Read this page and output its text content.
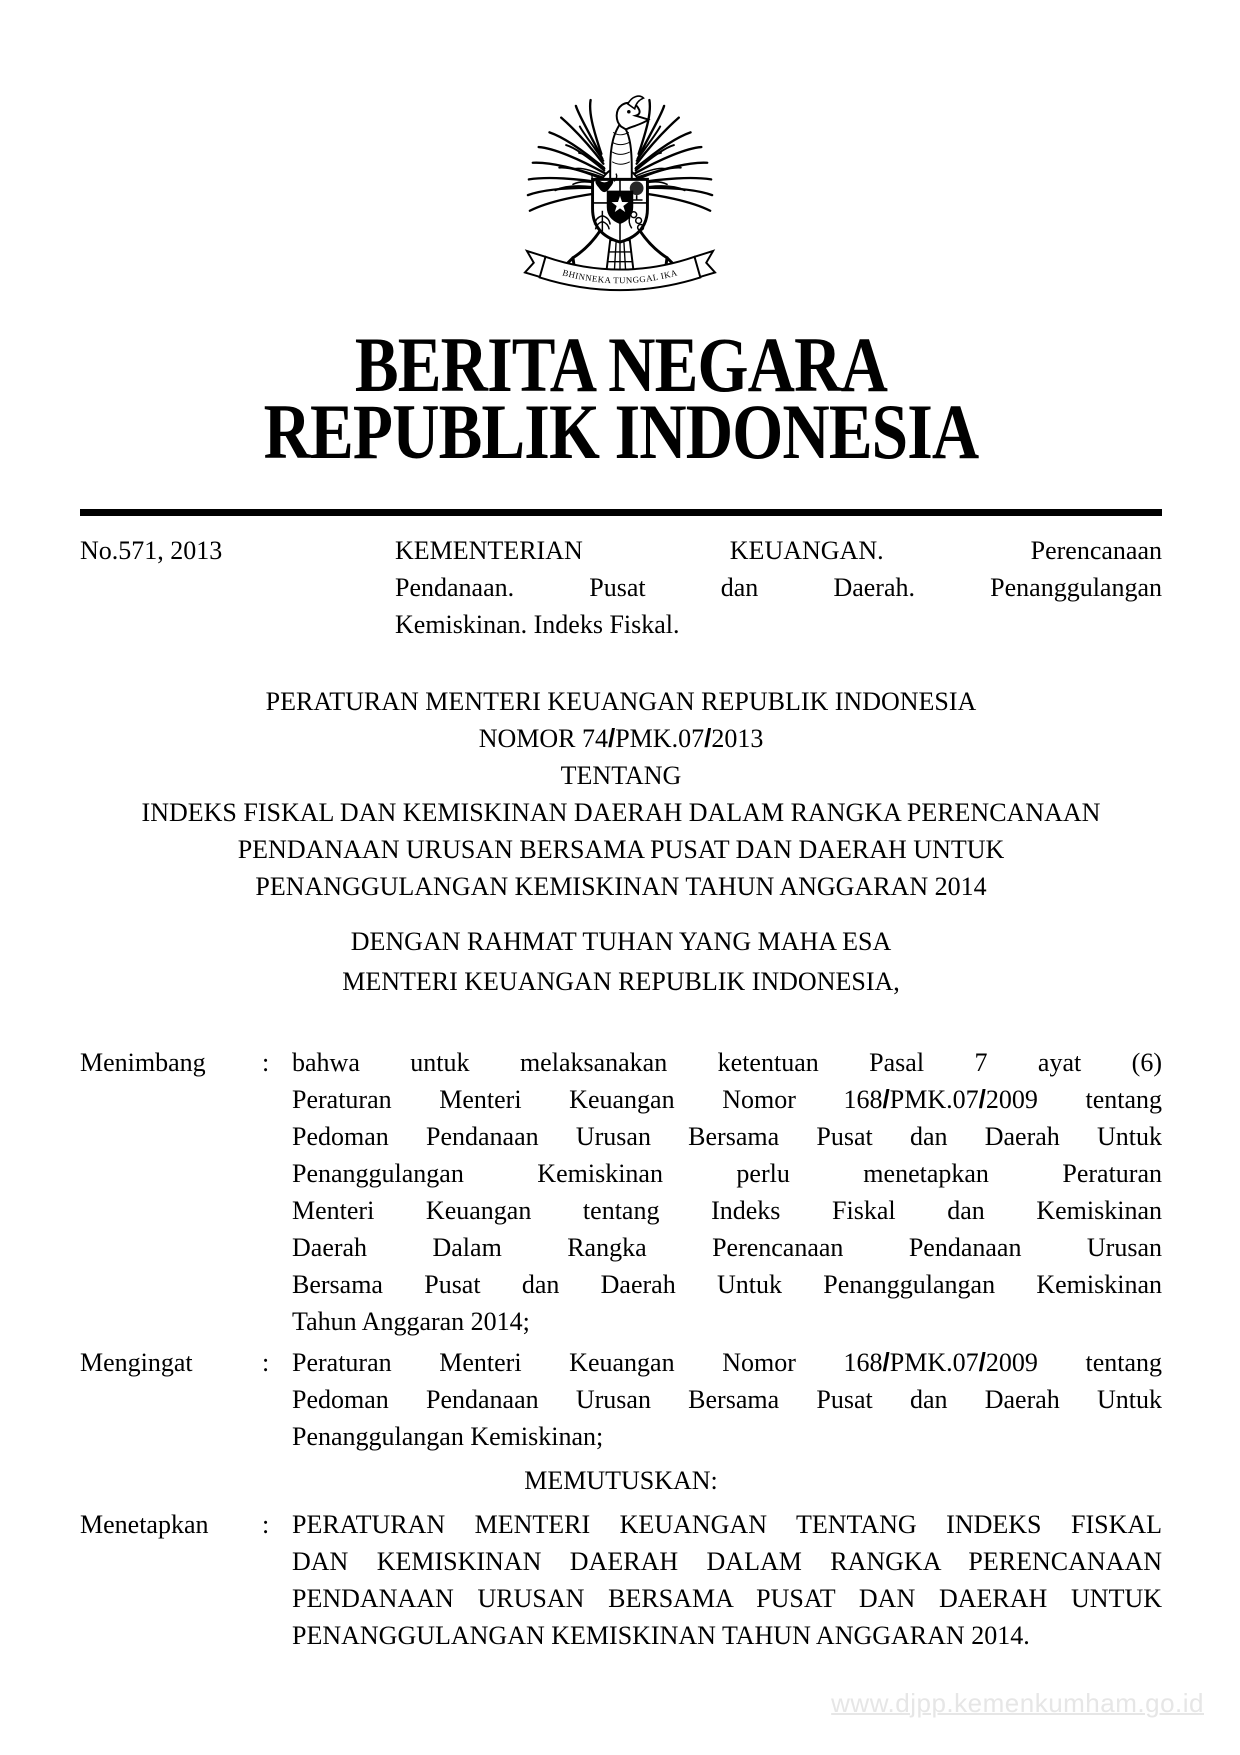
BHINNEKA TUNGGAL IKA
BERITA NEGARA
REPUBLIK INDONESIA
No.571, 2013	KEMENTERIAN KEUANGAN. Perencanaan
Pendanaan. Pusat dan Daerah. Penanggulangan
Kemiskinan. Indeks Fiskal.
PERATURAN MENTERI KEUANGAN REPUBLIK INDONESIA
NOMOR 74/PMK.07/2013
TENTANG
INDEKS FISKAL DAN KEMISKINAN DAERAH DALAM RANGKA PERENCANAAN
PENDANAAN URUSAN BERSAMA PUSAT DAN DAERAH UNTUK
PENANGGULANGAN KEMISKINAN TAHUN ANGGARAN 2014
DENGAN RAHMAT TUHAN YANG MAHA ESA
MENTERI KEUANGAN REPUBLIK INDONESIA,
Menimbang	: bahwa untuk melaksanakan ketentuan Pasal 7 ayat (6)
Peraturan Menteri Keuangan Nomor 168/PMK.07/2009 tentang
Pedoman Pendanaan Urusan Bersama Pusat dan Daerah Untuk
Penanggulangan Kemiskinan perlu menetapkan Peraturan
Menteri Keuangan tentang Indeks Fiskal dan Kemiskinan
Daerah Dalam Rangka Perencanaan Pendanaan Urusan
Bersama Pusat dan Daerah Untuk Penanggulangan Kemiskinan
Tahun Anggaran 2014;
Mengingat	: Peraturan Menteri Keuangan Nomor 168/PMK.07/2009 tentang
Pedoman Pendanaan Urusan Bersama Pusat dan Daerah Untuk
Penanggulangan Kemiskinan;
MEMUTUSKAN:
Menetapkan	: PERATURAN MENTERI KEUANGAN TENTANG INDEKS FISKAL
DAN KEMISKINAN DAERAH DALAM RANGKA PERENCANAAN
PENDANAAN URUSAN BERSAMA PUSAT DAN DAERAH UNTUK
PENANGGULANGAN KEMISKINAN TAHUN ANGGARAN 2014.
www.djpp.kemenkumham.go.id
